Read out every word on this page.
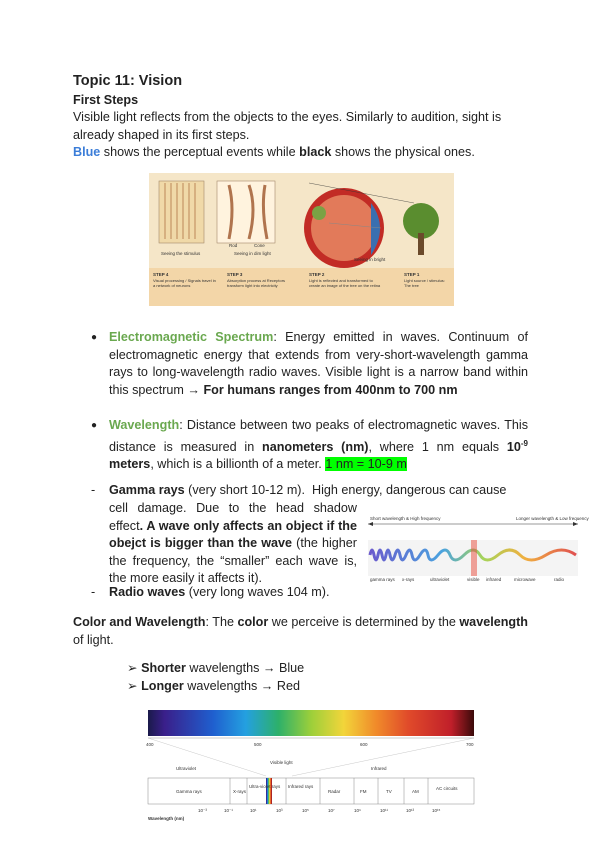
Topic 11: Vision
First Steps
Visible light reflects from the objects to the eyes. Similarly to audition, sight is already shaped in its first steps.
Blue shows the perceptual events while black shows the physical ones.
Seeing the stimulus	Seeing in dim light
Seeing in bright
Rod	Cone
STEP 4	STEP 3	STEP 2	STEP 1
Visual processing / Signals travel in a network of neurons
Absorption process at Receptors transform light into electricity
Light is reflected and transformed to create an image of the tree on the retina
Light source / stimulus: The tree
● Electromagnetic Spectrum: Energy emitted in waves. Continuum of electromagnetic energy that extends from very-short-wavelength gamma rays to long-wavelength radio waves. Visible light is a narrow band within this spectrum → For humans ranges from 400nm to 700 nm
● Wavelength: Distance between two peaks of electromagnetic waves. This distance is measured in nanometers (nm), where 1 nm equals $10^{-9}$ meters, which is a billionth of a meter. 1 nm = 10-9 m
- Gamma rays (very short 10-12 m).  High energy, dangerous can cause
cell damage. Due to the head shadow effect. A wave only affects an object if the obejct is bigger than the wave (the higher the frequency, the “smaller” each wave is, the more easily it affects it).
- Radio waves (very long waves 104 m).
Short wavelength & High frequency	Longer wavelength & Low frequency
gamma rays x-rays	ultraviolet	visible infrared	microwave	radio
Color and Wavelength: The color we perceive is determined by the wavelength of light.
➢ Shorter wavelengths → Blue
➢ Longer wavelengths → Red
400	500	600	700
Ultraviolet
Visible light
Infrared
Gamma rays	X-rays
Ultra-violet rays Infrared rays
Radar	FM	TV	AM
AC circuits
10⁻³	10⁻¹	10¹	10³	10⁵	10⁷	10⁹	10¹¹	10¹³	10¹⁵
Wavelength (nm)
